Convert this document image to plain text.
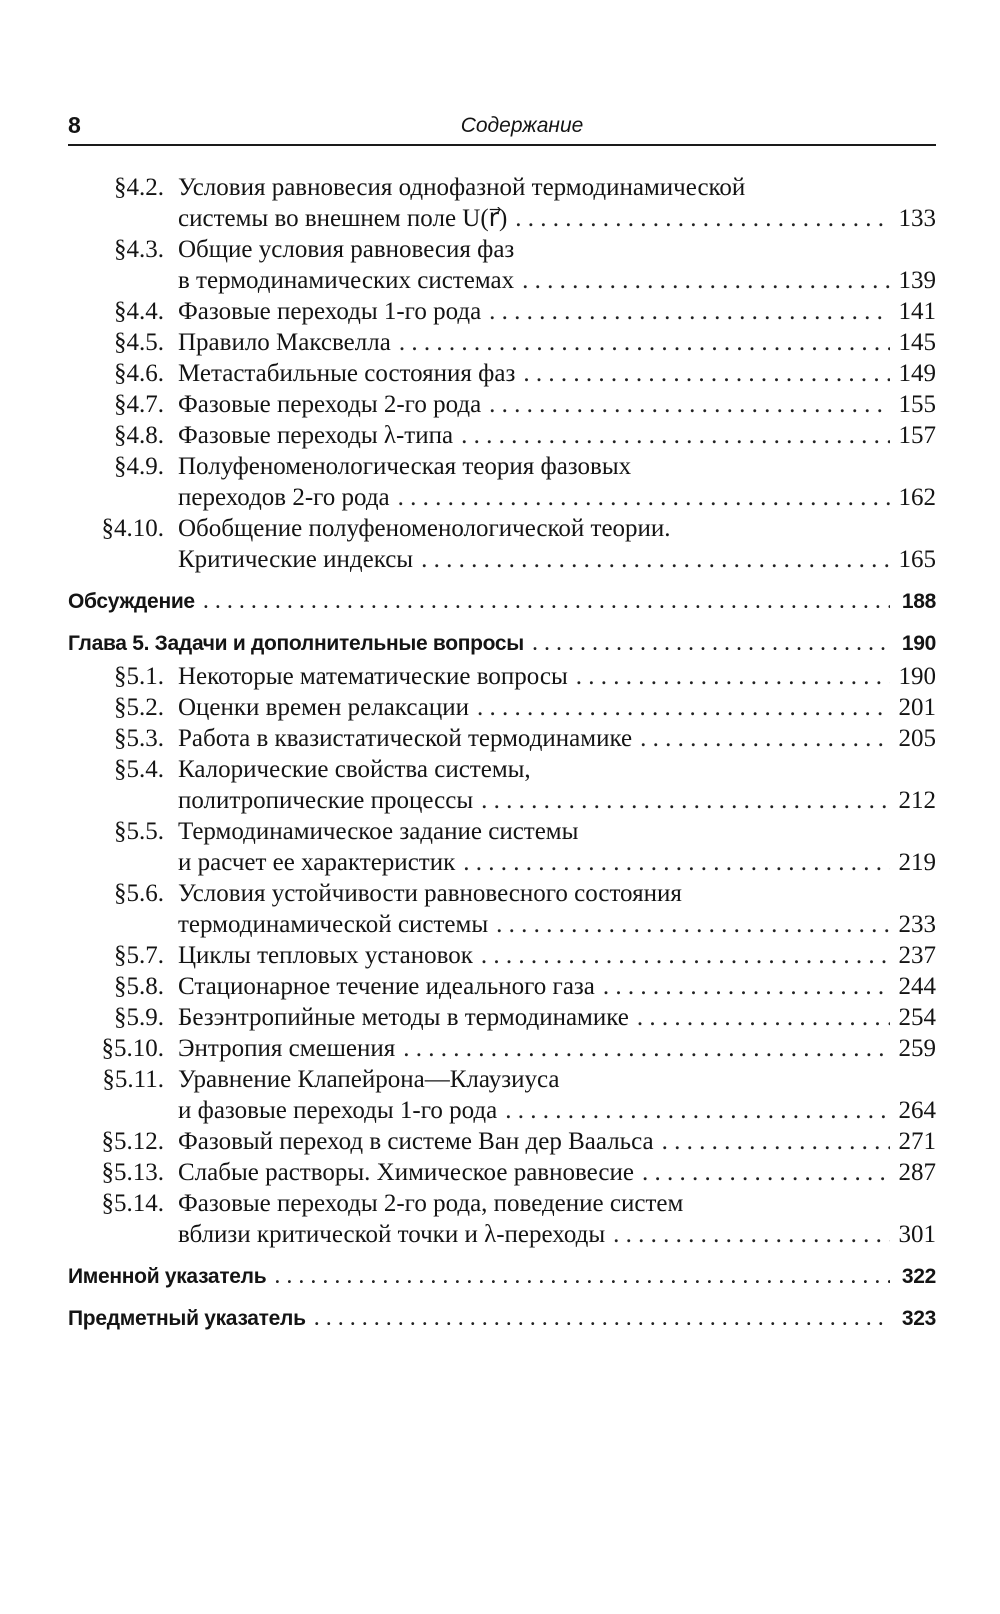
8	Содержание
§4.2. Условия равновесия однофазной термодинамической
системы во внешнем поле U(r⃗) . . .	133
§4.3. Общие условия равновесия фаз
в термодинамических системах . . .	139
§4.4. Фазовые переходы 1-го рода . . .	141
§4.5. Правило Максвелла . . .	145
§4.6. Метастабильные состояния фаз . . .	149
§4.7. Фазовые переходы 2-го рода . . .	155
§4.8. Фазовые переходы λ-типа . . .	157
§4.9. Полуфеноменологическая теория фазовых
переходов 2-го рода . . .	162
§4.10. Обобщение полуфеноменологической теории.
Критические индексы . . .	165
Обсуждение . . .	188
Глава 5. Задачи и дополнительные вопросы . . .	190
§5.1. Некоторые математические вопросы . . .	190
§5.2. Оценки времен релаксации . . .	201
§5.3. Работа в квазистатической термодинамике . . .	205
§5.4. Калорические свойства системы,
политропические процессы . . .	212
§5.5. Термодинамическое задание системы
и расчет ее характеристик . . .	219
§5.6. Условия устойчивости равновесного состояния
термодинамической системы . . .	233
§5.7. Циклы тепловых установок . . .	237
§5.8. Стационарное течение идеального газа . . .	244
§5.9. Безэнтропийные методы в термодинамике . . .	254
§5.10. Энтропия смешения . . .	259
§5.11. Уравнение Клапейрона—Клаузиуса
и фазовые переходы 1-го рода . . .	264
§5.12. Фазовый переход в системе Ван дер Ваальса . . .	271
§5.13. Слабые растворы. Химическое равновесие . . .	287
§5.14. Фазовые переходы 2-го рода, поведение систем
вблизи критической точки и λ-переходы . . .	301
Именной указатель . . .	322
Предметный указатель . . .	323
